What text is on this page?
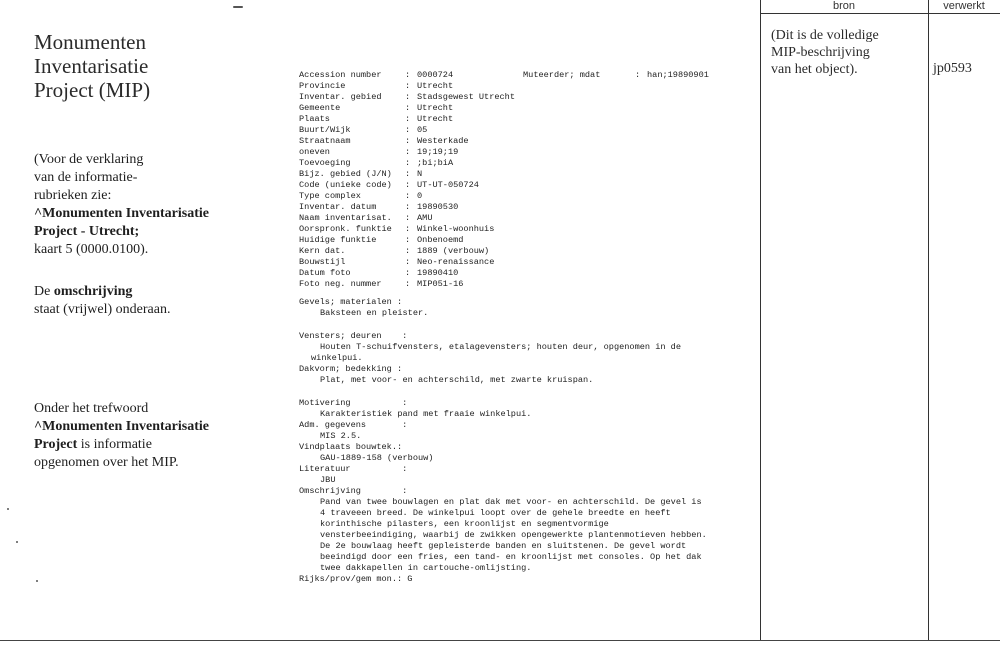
Monumenten
Inventarisatie
Project (MIP)
(Voor de verklaring
van de informatie-
rubrieken zie:
^Monumenten Inventarisatie
Project - Utrecht;
kaart 5 (0000.0100).
De omschrijving
staat (vrijwel) onderaan.
Onder het trefwoord
^Monumenten Inventarisatie
Project is informatie
opgenomen over het MIP.
Accession number	: 0000724	Muteerder; mdat	: han;19890901
Provincie	: Utrecht
Inventar. gebied	: Stadsgewest Utrecht
Gemeente	: Utrecht
Plaats	: Utrecht
Buurt/Wijk	: 05
Straatnaam	: Westerkade
oneven	: 19;19;19
Toevoeging	: ;bi;biA
Bijz. gebied (J/N)	: N
Code (unieke code)	: UT-UT-050724
Type complex	: 0
Inventar. datum	: 19890530
Naam inventarisat.	: AMU
Oorspronk. funktie	: Winkel-woonhuis
Huidige funktie	: Onbenoemd
Kern dat.	: 1889 (verbouw)
Bouwstijl	: Neo-renaissance
Datum foto	: 19890410
Foto neg. nummer	: MIP051-16
Gevels; materialen :
Baksteen en pleister.
Vensters; deuren    :
Houten T-schuifvensters, etalagevensters; houten deur, opgenomen in de
winkelpui.
Dakvorm; bedekking :
Plat, met voor- en achterschild, met zwarte kruispan.
Motivering          :
Karakteristiek pand met fraaie winkelpui.
Adm. gegevens       :
MIS 2.5.
Vindplaats bouwtek.:
GAU-1889-158 (verbouw)
Literatuur          :
JBU
Omschrijving        :
Pand van twee bouwlagen en plat dak met voor- en achterschild. De gevel is
4 traveeen breed. De winkelpui loopt over de gehele breedte en heeft
korinthische pilasters, een kroonlijst en segmentvormige
vensterbeeindiging, waarbij de zwikken opengewerkte plantenmotieven hebben.
De 2e bouwlaag heeft gepleisterde banden en sluitstenen. De gevel wordt
beeindigd door een fries, een tand- en kroonlijst met consoles. Op het dak
twee dakkapellen in cartouche-omlijsting.
Rijks/prov/gem mon.: G
bron	verwerkt
(Dit is de volledige
MIP-beschrijving
van het object).	jp0593
